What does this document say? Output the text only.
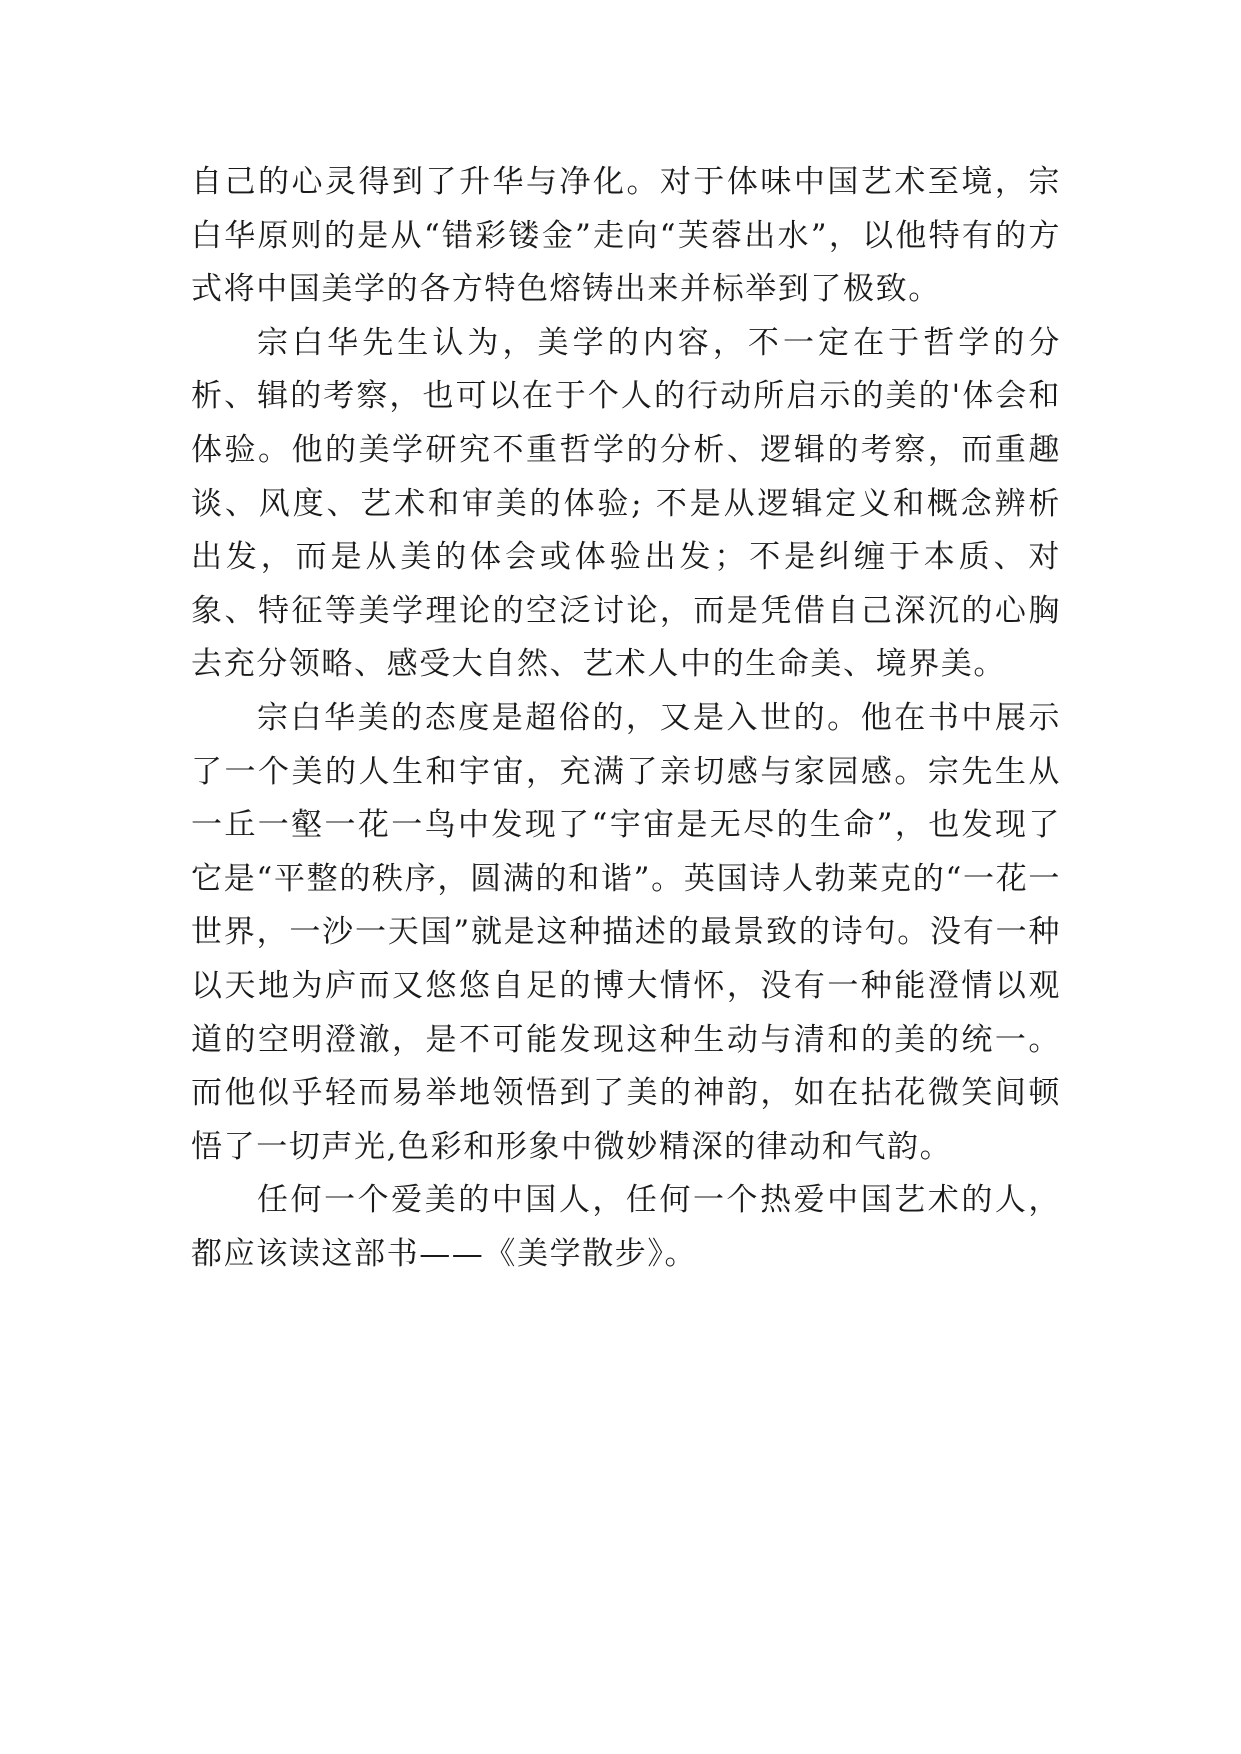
自己的心灵得到了升华与净化。对于体味中国艺术至境，宗白华原则的是从“错彩镂金”走向“芙蓉出水”，以他特有的方式将中国美学的各方特色熔铸出来并标举到了极致。

宗白华先生认为，美学的内容，不一定在于哲学的分析、辑的考察，也可以在于个人的行动所启示的美的'体会和体验。他的美学研究不重哲学的分析、逻辑的考察，而重趣谈、风度、艺术和审美的体验; 不是从逻辑定义和概念辨析出发，而是从美的体会或体验出发；不是纠缠于本质、对象、特征等美学理论的空泛讨论，而是凭借自己深沉的心胸去充分领略、感受大自然、艺术人中的生命美、境界美。

宗白华美的态度是超俗的，又是入世的。他在书中展示了一个美的人生和宇宙，充满了亲切感与家园感。宗先生从一丘一壑一花一鸟中发现了“宇宙是无尽的生命”，也发现了它是“平整的秩序，圆满的和谐”。英国诗人勃莱克的“一花一世界，一沙一天国”就是这种描述的最景致的诗句。没有一种以天地为庐而又悠悠自足的博大情怀，没有一种能澄情以观道的空明澄澈，是不可能发现这种生动与清和的美的统一。而他似乎轻而易举地领悟到了美的神韵，如在拈花微笑间顿悟了一切声光,色彩和形象中微妙精深的律动和气韵。

任何一个爱美的中国人，任何一个热爱中国艺术的人，都应该读这部书——《美学散步》。
